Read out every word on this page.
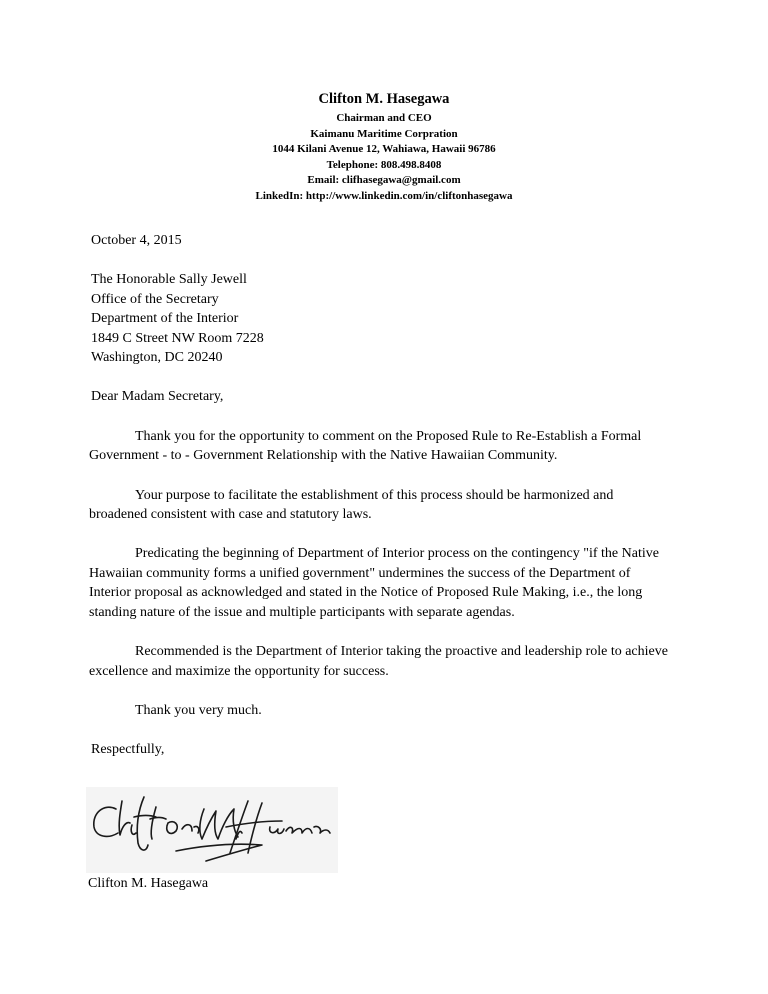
Clifton M. Hasegawa

Chairman and CEO

Kaimanu Maritime Corpration

1044 Kilani Avenue 12, Wahiawa, Hawaii 96786

Telephone: 808.498.8408

Email: clifhasegawa@gmail.com

LinkedIn: http://www.linkedin.com/in/cliftonhasegawa

October 4, 2015

The Honorable Sally Jewell

Office of the Secretary

Department of the Interior

1849 C Street NW Room 7228

Washington, DC 20240

Dear Madam Secretary,

Thank you for the opportunity to comment on the Proposed Rule to Re-Establish a Formal Government - to - Government Relationship with the Native Hawaiian Community.

Your purpose to facilitate the establishment of this process should be harmonized and broadened consistent with case and statutory laws.

Predicating the beginning of Department of Interior process on the contingency "if the Native Hawaiian community forms a unified government" undermines the success of the Department of Interior proposal as acknowledged and stated in the Notice of Proposed Rule Making, i.e., the long standing nature of the issue and multiple participants with separate agendas.

Recommended is the Department of Interior taking the proactive and leadership role to achieve excellence and maximize the opportunity for success.

Thank you very much.

Respectfully,

Clifton M. Hasegawa
